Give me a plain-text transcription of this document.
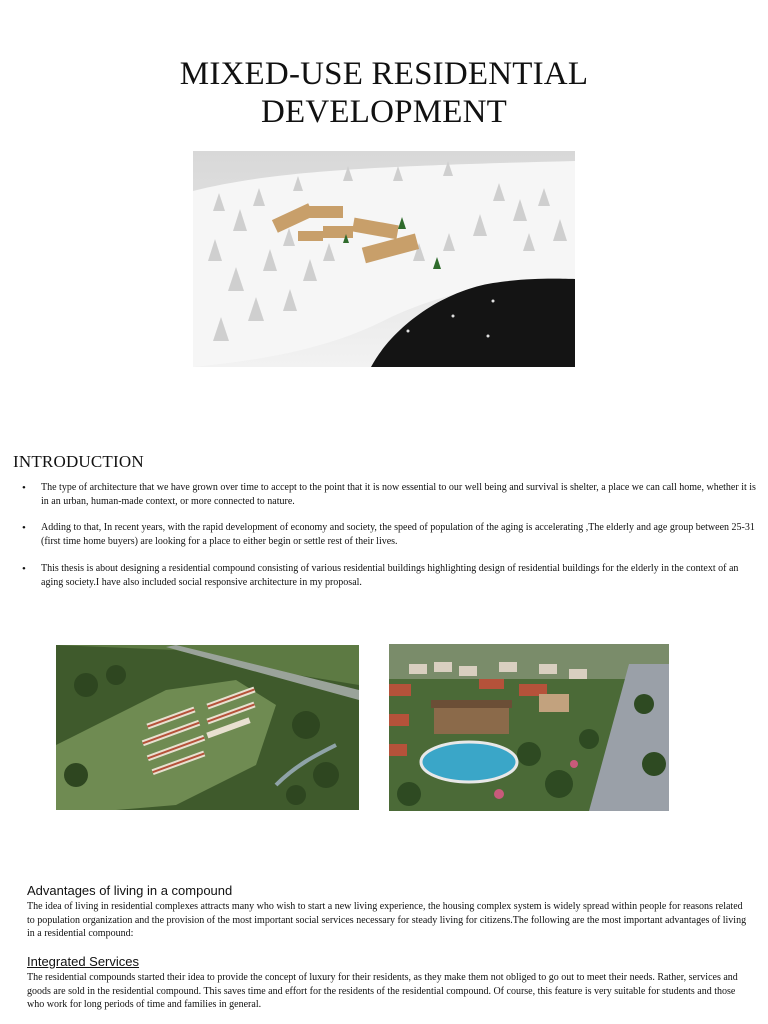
MIXED-USE RESIDENTIAL
DEVELOPMENT
INTRODUCTION
• The type of architecture that we have grown over time to accept to the point that it is now essential to our well being and survival is shelter, a place we can call home, whether it is in an urban, human-made context, or more connected to nature.
• Adding to that, In recent years, with the rapid development of economy and society, the speed of population of the aging is accelerating ,The elderly and age group between 25-31 (first time home buyers) are looking for a place to either begin or settle rest of their lives.
• This thesis is about designing a residential compound consisting of various residential buildings highlighting design of residential buildings for the elderly in the context of an aging society.I have also included social responsive architecture in my proposal.
Advantages of living in a compound
The idea of living in residential complexes attracts many who wish to start a new living experience, the housing complex system is widely spread within people for reasons related to population organization and the provision of the most important social services necessary for steady living for citizens.The following are the most important advantages of living in a residential compound:
Integrated Services
The residential compounds started their idea to provide the concept of luxury for their residents, as they make them not obliged to go out to meet their needs. Rather, services and goods are sold in the residential compound. This saves time and effort for the residents of the residential compound. Of course, this feature is very suitable for students and those who work for long periods of time and families in general.
